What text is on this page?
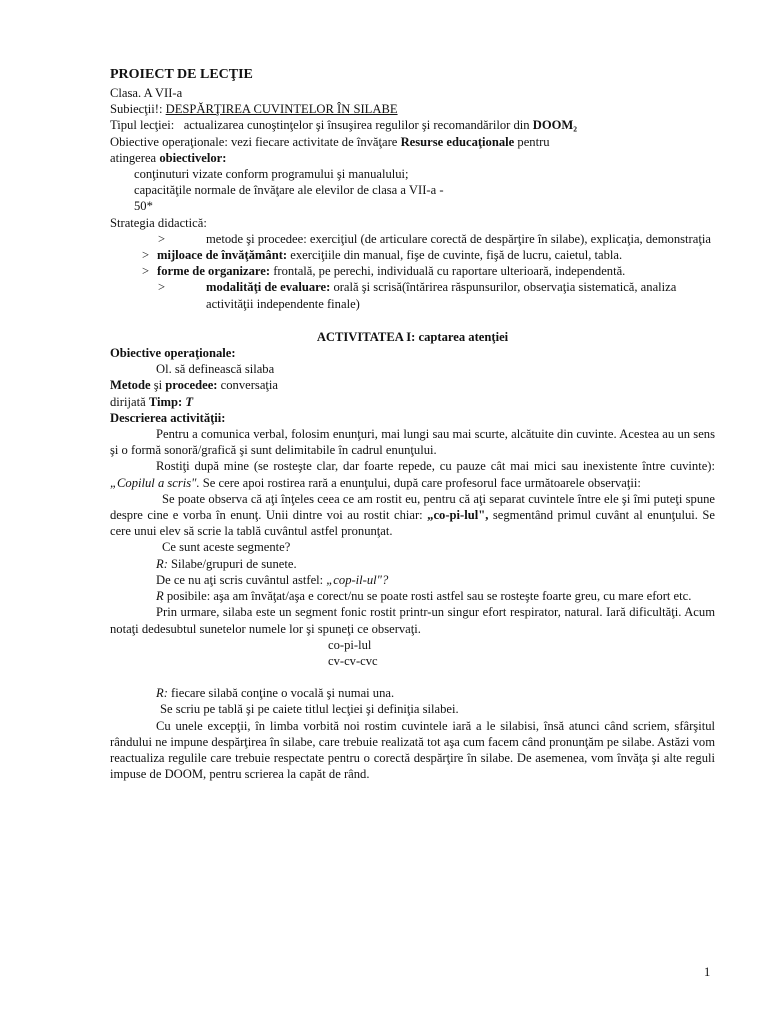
PROIECT DE LECŢIE
Clasa. A VII-a
Subiecţii!: DESPĂRŢIREA CUVINTELOR ÎN SILABE
Tipul lecţiei: actualizarea cunoştinţelor şi însuşirea regulilor şi recomandărilor din DOOM₂
Obiective operaţionale: vezi fiecare activitate de învăţare Resurse educaţionale pentru
atingerea obiectivelor:
conţinuturi vizate conform programului şi manualului;
capacităţile normale de învăţare ale elevilor de clasa a VII-a -
50*
Strategia didactică:
>	metode şi procedee: exerciţiul (de articulare corectă de despărţire în silabe), explicaţia, demonstraţia
> mijloace de învăţământ: exerciţiile din manual, fişe de cuvinte, fişă de lucru, caietul, tabla.
> forme de organizare: frontală, pe perechi, individuală cu raportare ulterioară, independentă.
>	modalităţi de evaluare: orală şi scrisă(întărirea răspunsurilor, observaţia sistematică, analiza activităţii independente finale)
ACTIVITATEA I: captarea atenţiei
Obiective operaţionale:
Ol. să definească silaba
Metode şi procedee: conversaţia
dirijată Timp: T
Descrierea activităţii:
Pentru a comunica verbal, folosim enunţuri, mai lungi sau mai scurte, alcătuite din cuvinte. Acestea au un sens şi o formă sonoră/grafică şi sunt delimitabile în cadrul enunţului.
Rostiţi după mine (se rosteşte clar, dar foarte repede, cu pauze cât mai mici sau inexistente între cuvinte): „Copilul a scris". Se cere apoi rostirea rară a enunţului, după care profesorul face următoarele observaţii:
Se poate observa că aţi înţeles ceea ce am rostit eu, pentru că aţi separat cuvintele între ele şi îmi puteţi spune despre cine e vorba în enunţ. Unii dintre voi au rostit chiar: „co-pi-lul", segmentând primul cuvânt al enunţului. Se cere unui elev să scrie la tablă cuvântul astfel pronunţat.
Ce sunt aceste segmente?
R: Silabe/grupuri de sunete.
De ce nu aţi scris cuvântul astfel: „cop-il-ul"?
R posibile: aşa am învăţat/aşa e corect/nu se poate rosti astfel sau se rosteşte foarte greu, cu mare efort etc.
Prin urmare, silaba este un segment fonic rostit printr-un singur efort respirator, natural. Iară dificultăţi. Acum notaţi dedesubtul sunetelor numele lor şi spuneţi ce observaţi.
co-pi-lul
cv-cv-cvc
R: fiecare silabă conţine o vocală şi numai una.
Se scriu pe tablă şi pe caiete titlul lecţiei şi definiţia silabei.
Cu unele excepţii, în limba vorbită noi rostim cuvintele iară a le silabisi, însă atunci când scriem, sfârşitul rândului ne impune despărţirea în silabe, care trebuie realizată tot aşa cum facem când pronunţăm pe silabe. Astăzi vom reactualiza regulile care trebuie respectate pentru o corectă despărţire în silabe. De asemenea, vom învăţa şi alte reguli impuse de DOOM, pentru scrierea la capăt de rând.
1
